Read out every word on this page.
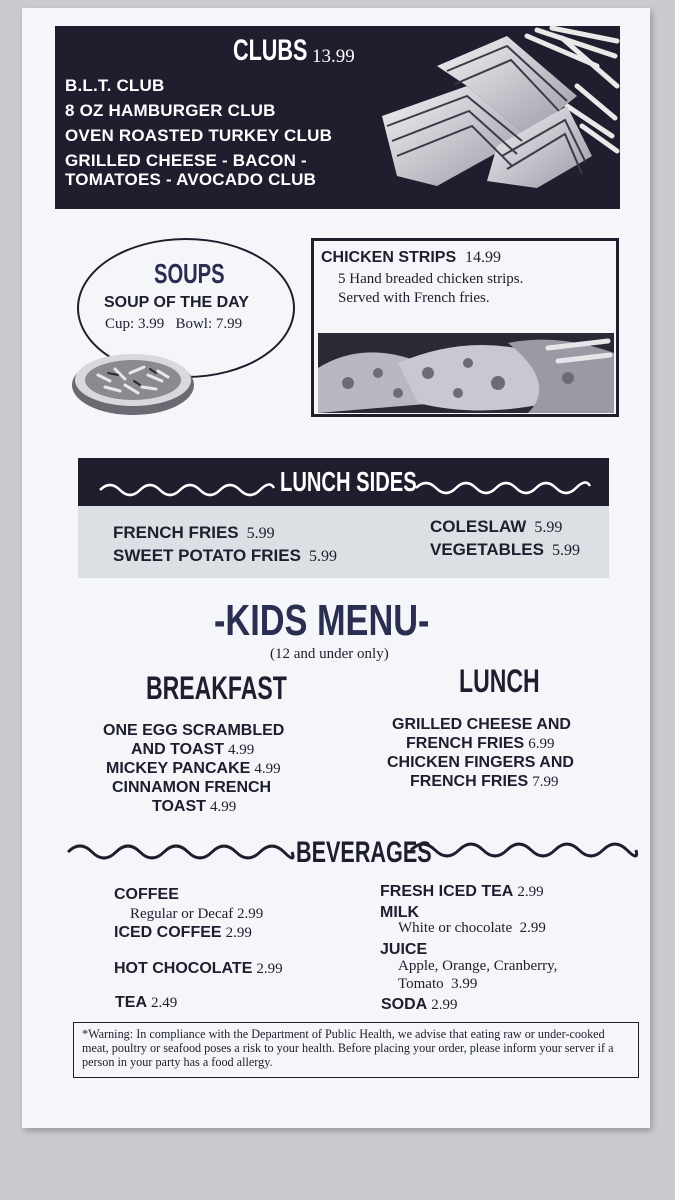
CLUBS 13.99
B.L.T. CLUB
8 OZ HAMBURGER CLUB
OVEN ROASTED TURKEY CLUB
GRILLED CHEESE - BACON -
TOMATOES - AVOCADO CLUB
SOUPS
SOUP OF THE DAY
Cup: 3.99 Bowl: 7.99
CHICKEN STRIPS 14.99
5 Hand breaded chicken strips.
Served with French fries.
LUNCH SIDES
FRENCH FRIES 5.99
SWEET POTATO FRIES 5.99
COLESLAW 5.99
VEGETABLES 5.99
-KIDS MENU-
(12 and under only)
BREAKFAST	LUNCH
ONE EGG SCRAMBLED
AND TOAST 4.99
MICKEY PANCAKE 4.99
CINNAMON FRENCH
TOAST 4.99
GRILLED CHEESE AND
FRENCH FRIES 6.99
CHICKEN FINGERS AND
FRENCH FRIES 7.99
BEVERAGES
COFFEE
Regular or Decaf 2.99
ICED COFFEE 2.99
HOT CHOCOLATE 2.99
TEA 2.49
FRESH ICED TEA 2.99
MILK
White or chocolate 2.99
JUICE
Apple, Orange, Cranberry,
Tomato 3.99
SODA 2.99
*Warning: In compliance with the Department of Public Health, we advise that eating raw or under-cooked meat, poultry or seafood poses a risk to your health. Before placing your order, please inform your server if a person in your party has a food allergy.
